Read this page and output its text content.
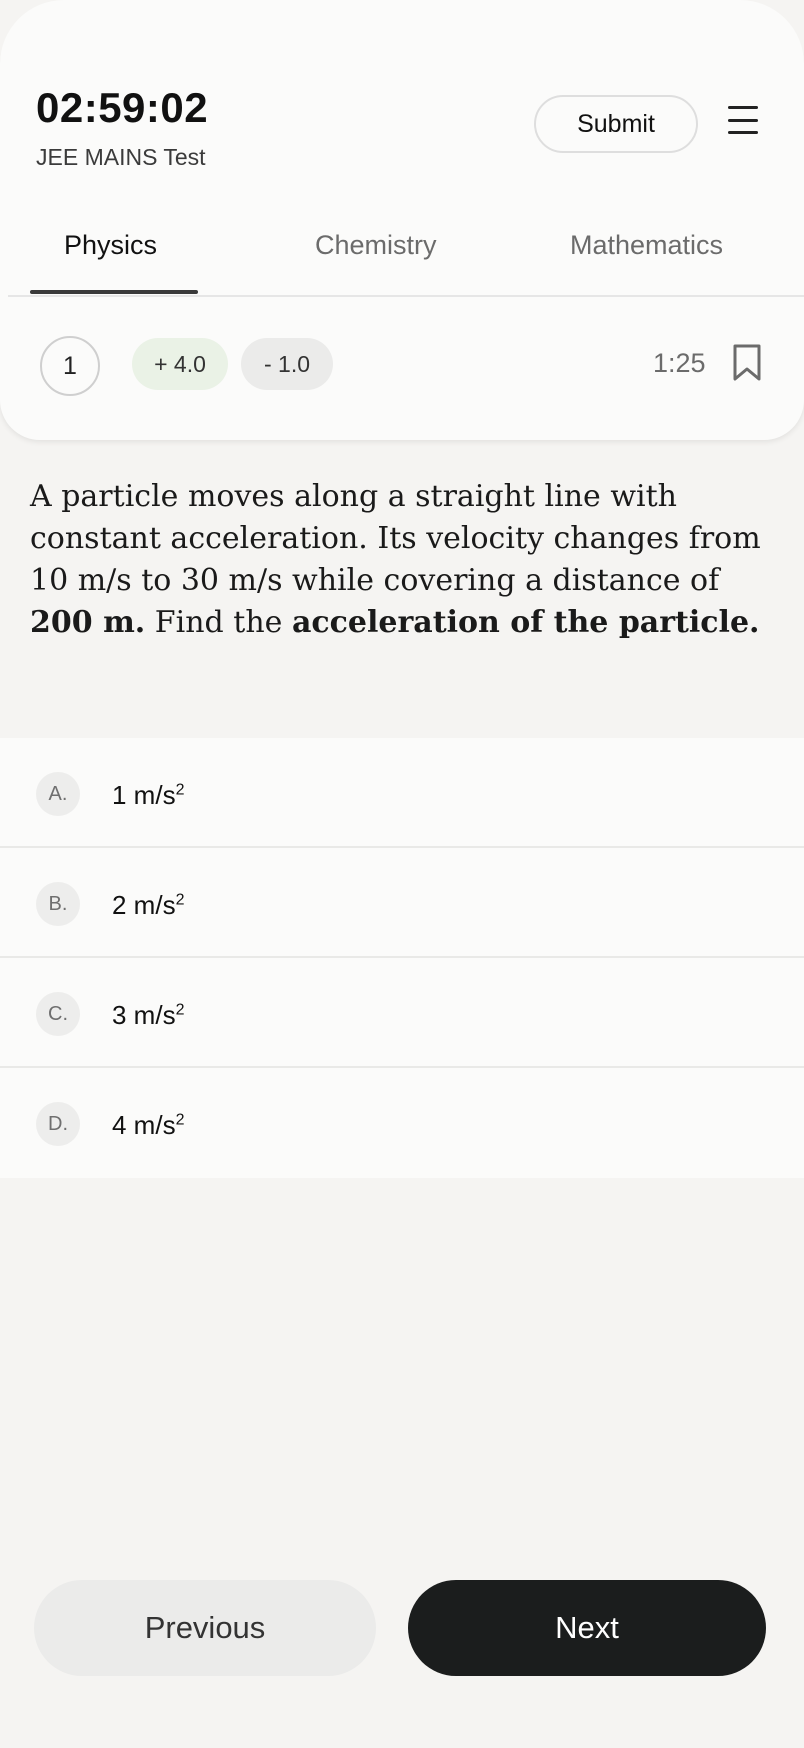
02:59:02
JEE MAINS Test
Submit
Physics	Chemistry	Mathematics
1	+ 4.0	- 1.0	1:25
A particle moves along a straight line with constant acceleration. Its velocity changes from 10 m/s to 30 m/s while covering a distance of 200 m. Find the acceleration of the particle.
A.	1 $m/s^2$
B.	2 $m/s^2$
C.	3 $m/s^2$
D.	4 $m/s^2$
Previous	Next
